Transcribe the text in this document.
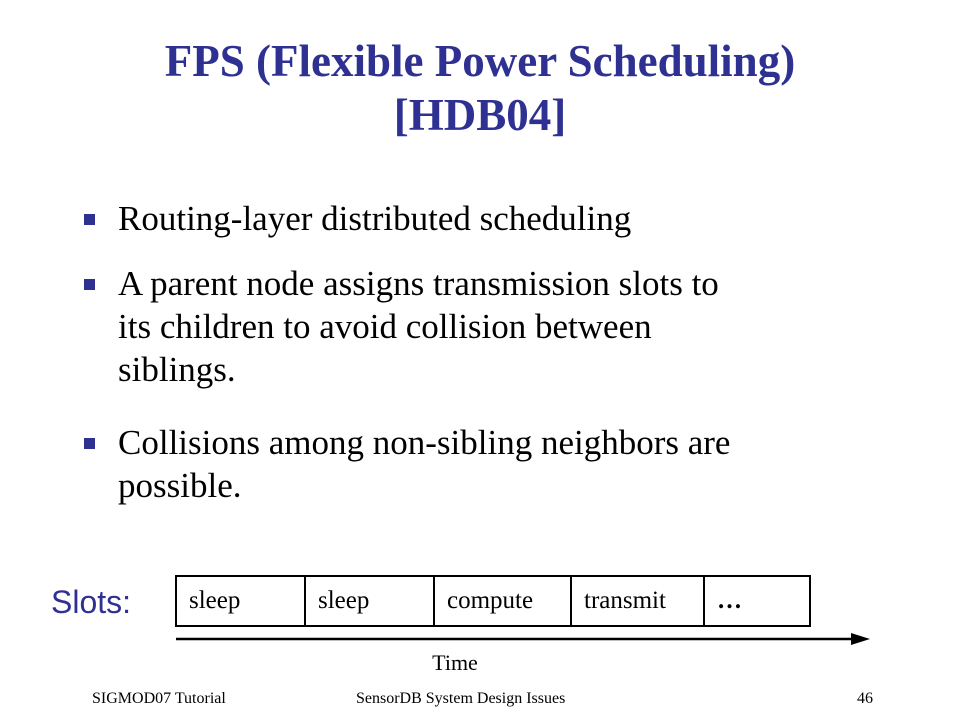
FPS (Flexible Power Scheduling)
[HDB04]
Routing-layer distributed scheduling
A parent node assigns transmission slots to
its children to avoid collision between
siblings.
Collisions among non-sibling neighbors are
possible.
Slots:	sleep	sleep	compute	transmit	…
Time
SIGMOD07 Tutorial	SensorDB System Design Issues	46
